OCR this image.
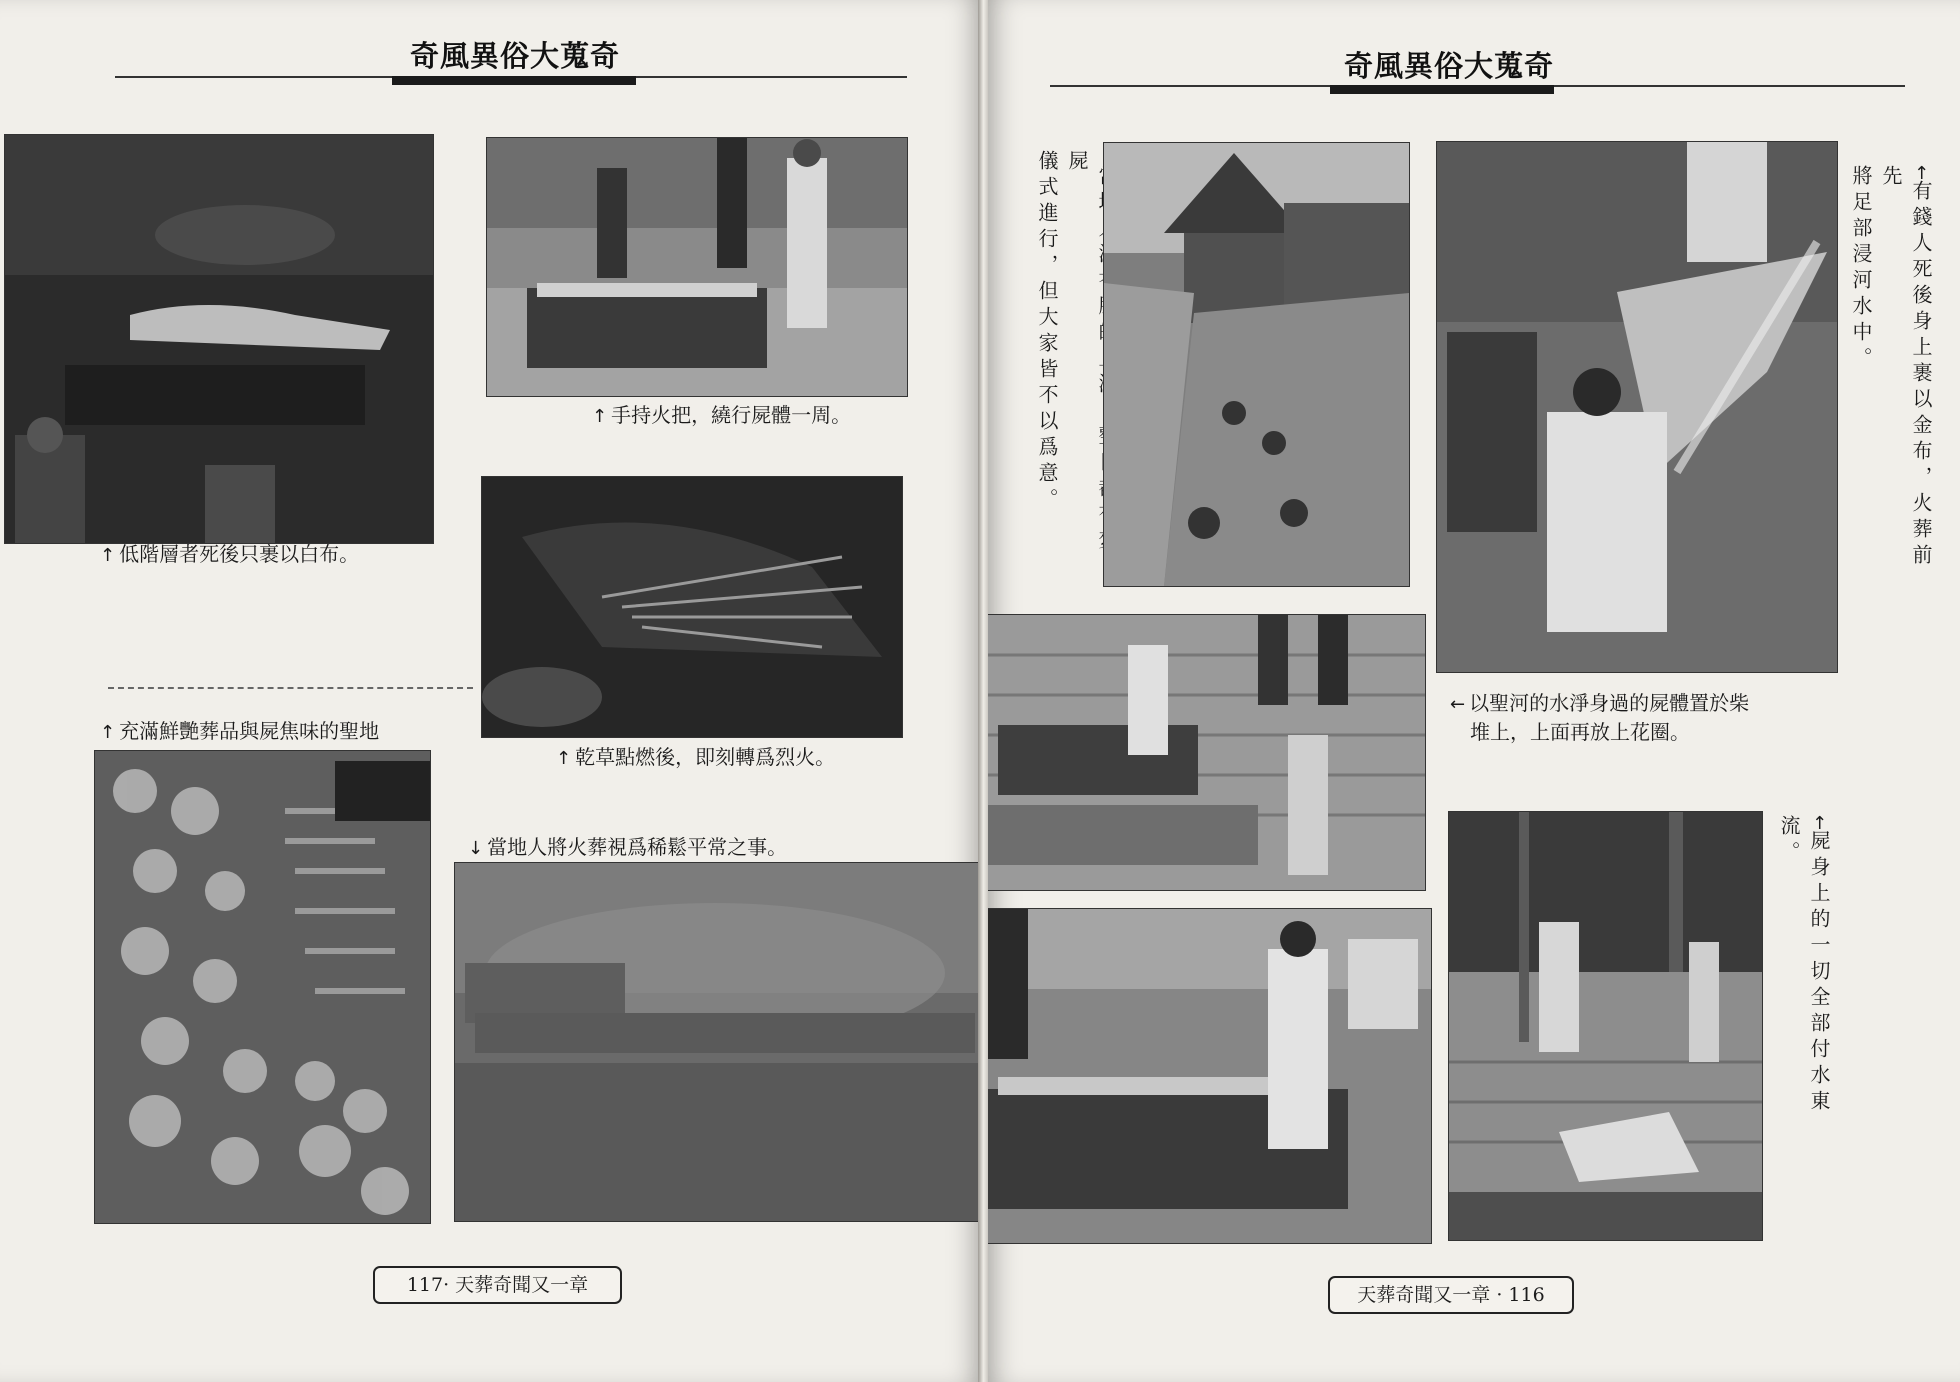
奇風異俗大蒐奇
↑ 低階層者死後只裹以白布。
↑ 手持火把，繞行屍體一周。
↑ 乾草點燃後，即刻轉爲烈火。
↑ 充滿鮮艷葬品與屍焦味的聖地
↓ 當地人將火葬視爲稀鬆平常之事。
117· 天葬奇聞又一章
奇風異俗大蒐奇
屍
儀式進行，但大家皆不以爲意。	←有錢人死後身上裹以金布，火葬前先
將足部浸河水中。
← 以聖河的水淨身過的屍體置於柴
堆上，上面再放上花圈。
←屍身上的一切全部付水東流。
天葬奇聞又一章 · 116
